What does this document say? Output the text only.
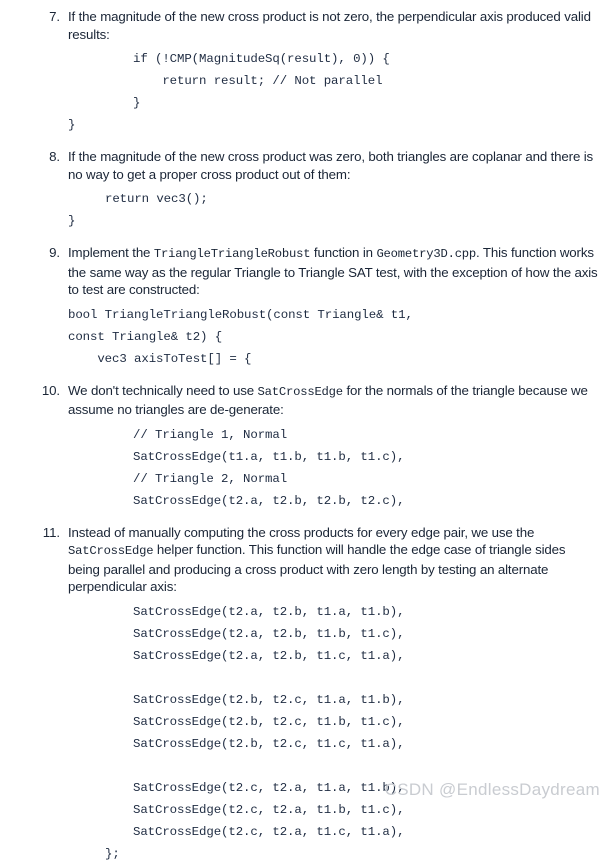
7. If the magnitude of the new cross product is not zero, the perpendicular axis produced valid results:

if (!CMP(MagnitudeSq(result), 0)) {
return result; // Not parallel
}
}
8. If the magnitude of the new cross product was zero, both triangles are coplanar and there is no way to get a proper cross product out of them:

return vec3();
}
9. Implement the TriangleTriangleRobust function in Geometry3D.cpp. This function works the same way as the regular Triangle to Triangle SAT test, with the exception of how the axis to test are constructed:

bool TriangleTriangleRobust(const Triangle& t1,
const Triangle& t2) {
vec3 axisToTest[] = {
10. We don't technically need to use SatCrossEdge for the normals of the triangle because we assume no triangles are de-generate:

// Triangle 1, Normal
SatCrossEdge(t1.a, t1.b, t1.b, t1.c),
// Triangle 2, Normal
SatCrossEdge(t2.a, t2.b, t2.b, t2.c),
11. Instead of manually computing the cross products for every edge pair, we use the SatCrossEdge helper function. This function will handle the edge case of triangle sides being parallel and producing a cross product with zero length by testing an alternate perpendicular axis:

SatCrossEdge(t2.a, t2.b, t1.a, t1.b),
SatCrossEdge(t2.a, t2.b, t1.b, t1.c),
SatCrossEdge(t2.a, t2.b, t1.c, t1.a),
SatCrossEdge(t2.b, t2.c, t1.a, t1.b),
SatCrossEdge(t2.b, t2.c, t1.b, t1.c),
SatCrossEdge(t2.b, t2.c, t1.c, t1.a),
SatCrossEdge(t2.c, t2.a, t1.a, t1.b),
SatCrossEdge(t2.c, t2.a, t1.b, t1.c),
SatCrossEdge(t2.c, t2.a, t1.c, t1.a),
};
CSDN @EndlessDaydream
